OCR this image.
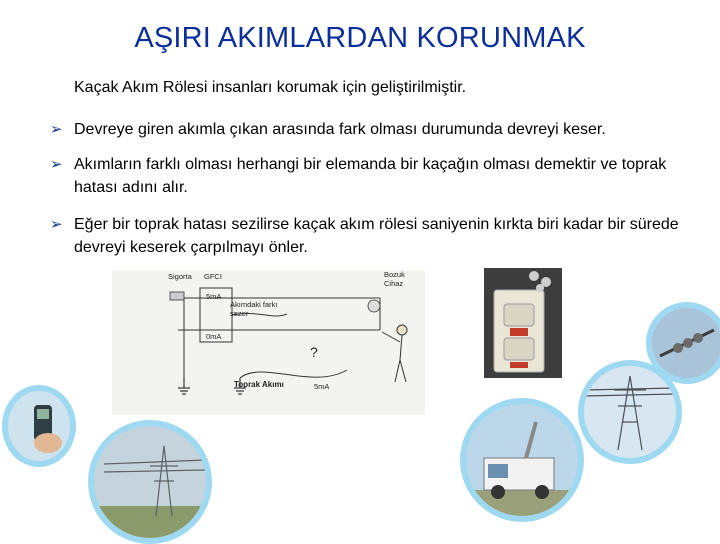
AŞIRI AKIMLARDAN KORUNMAK
Kaçak Akım Rölesi insanları korumak için geliştirilmiştir.
➢ Devreye giren akımla çıkan arasında fark olması durumunda devreyi keser.
➢ Akımların farklı olması herhangi bir elemanda bir kaçağın olması demektir ve toprak hatası adını alır.
➢ Eğer bir toprak hatası sezilirse kaçak akım rölesi saniyenin kırkta biri kadar bir sürede devreyi keserek çarpılmayı önler.
Sigorta GFCI	Bozuk
Cihaz
Akımdaki farkı
sezer
5mA
0mA
5mA
Toprak Akımı
?
